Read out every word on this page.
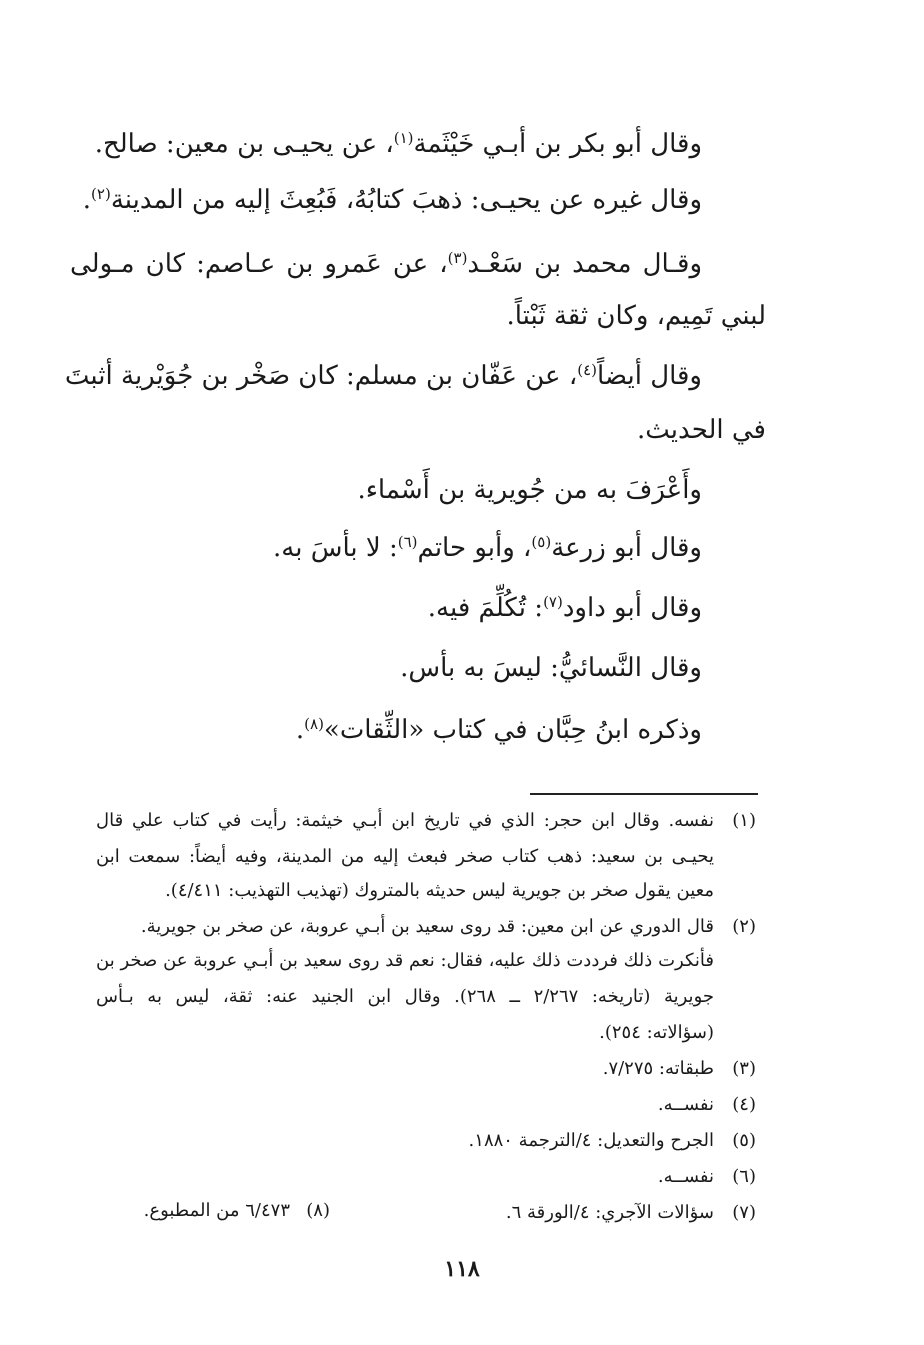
وقال أبو بكر بن أبـي خَيْثَمة$^{(١)}$، عن يحيـى بن معين: صالح.
وقال غيره عن يحيـى: ذهبَ كتابُهُ، فَبُعِثَ إليه من المدينة$^{(٢)}$.
وقـال محمد بن سَعْـد$^{(٣)}$، عن عَمرو بن عـاصم: كان مـولى
لبني تَمِيم، وكان ثقة ثَبْتاً.
وقال أيضاً$^{(٤)}$، عن عَفّان بن مسلم: كان صَخْر بن جُوَيْرية أثبتَ
في الحديث.
وأَعْرَفَ به من جُويرية بن أَسْماء.
وقال أبو زرعة$^{(٥)}$، وأبو حاتم$^{(٦)}$: لا بأسَ به.
وقال أبو داود$^{(٧)}$: تُكُلِّمَ فيه.
وقال النَّسائيُّ: ليسَ به بأس.
وذكره ابنُ حِبَّان في كتاب «الثِّقات»$^{(٨)}$.
(١)
نفسه. وقال ابن حجر: الذي في تاريخ ابن أبـي خيثمة: رأيت في كتاب علي قال
يحيـى بن سعيد: ذهب كتاب صخر فبعث إليه من المدينة، وفيه أيضاً: سمعت ابن
معين يقول صخر بن جويرية ليس حديثه بالمتروك (تهذيب التهذيب: ٤/٤١١).
(٢)
قال الدوري عن ابن معين: قد روى سعيد بن أبـي عروبة، عن صخر بن جويرية.
فأنكرت ذلك فرددت ذلك عليه، فقال: نعم قد روى سعيد بن أبـي عروبة عن صخر بن
جويرية (تاريخه: ٢/٢٦٧ ــ ٢٦٨). وقال ابن الجنيد عنه: ثقة، ليس به بـأس
(سؤالاته: ٢٥٤).
(٣)
طبقاته: ٧/٢٧٥.
(٤)
نفســه.
(٥)
الجرح والتعديل: ٤/الترجمة ١٨٨٠.
(٦)
نفســه.
(٧)
سؤالات الآجري: ٤/الورقة ٦.
(٨)
٦/٤٧٣ من المطبوع.
١١٨
